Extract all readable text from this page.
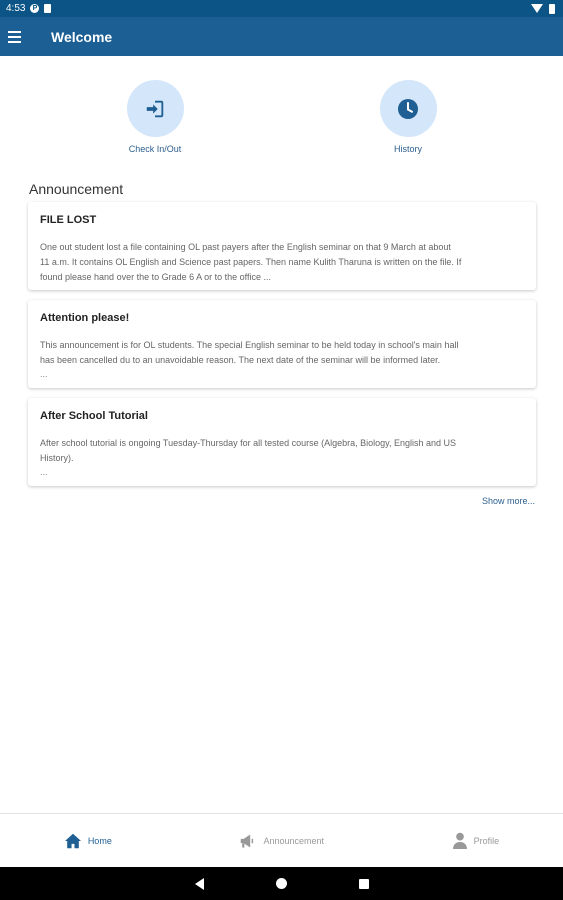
4:53	P
Welcome
Check In/Out	History
Announcement
FILE LOST
One out student lost a file containing OL past payers after the English seminar on that 9 March at about
11 a.m. It contains OL English and Science past papers. Then name Kulith Tharuna is written on the file. If
found please hand over the to Grade 6 A or to the office ...
Attention please!
This announcement is for OL students. The special English seminar to be held today in school's main hall
has been cancelled du to an unavoidable reason. The next date of the seminar will be informed later.
...
After School Tutorial
After school tutorial is ongoing Tuesday-Thursday for all tested course (Algebra, Biology, English and US
History).
...
Show more...
Home	Announcement	Profile
